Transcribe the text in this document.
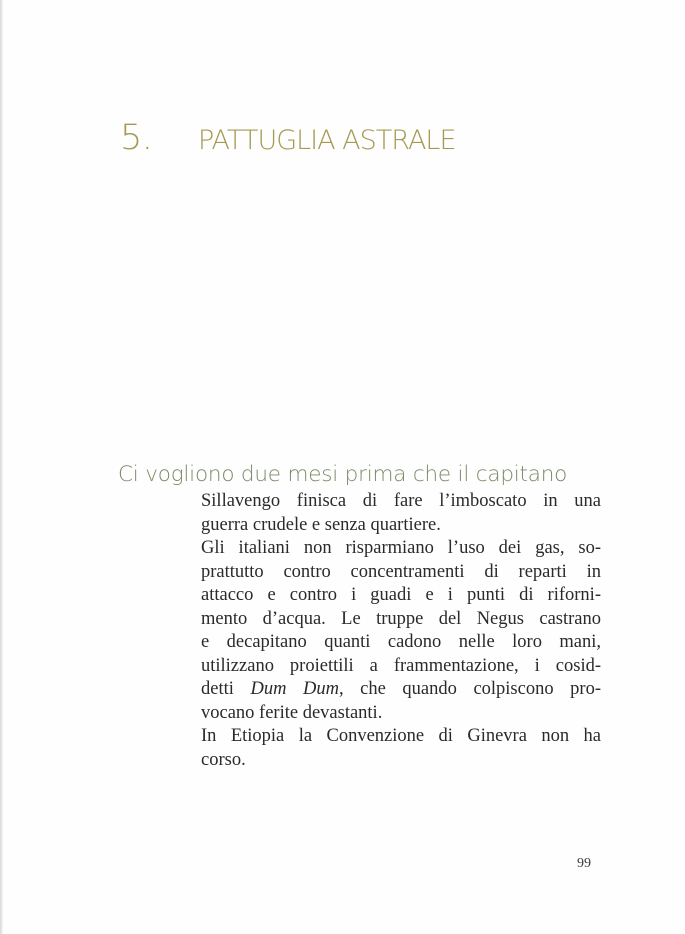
5. PATTUGLIA ASTRALE
Ci vogliono due mesi prima che il capitano
Sillavengo finisca di fare l’imboscato in una
guerra crudele e senza quartiere.
Gli italiani non risparmiano l’uso dei gas, so-
prattutto contro concentramenti di reparti in
attacco e contro i guadi e i punti di riforni-
mento d’acqua. Le truppe del Negus castrano
e decapitano quanti cadono nelle loro mani,
utilizzano proiettili a frammentazione, i cosid-
detti Dum Dum, che quando colpiscono pro-
vocano ferite devastanti.
In Etiopia la Convenzione di Ginevra non ha
corso.
99
